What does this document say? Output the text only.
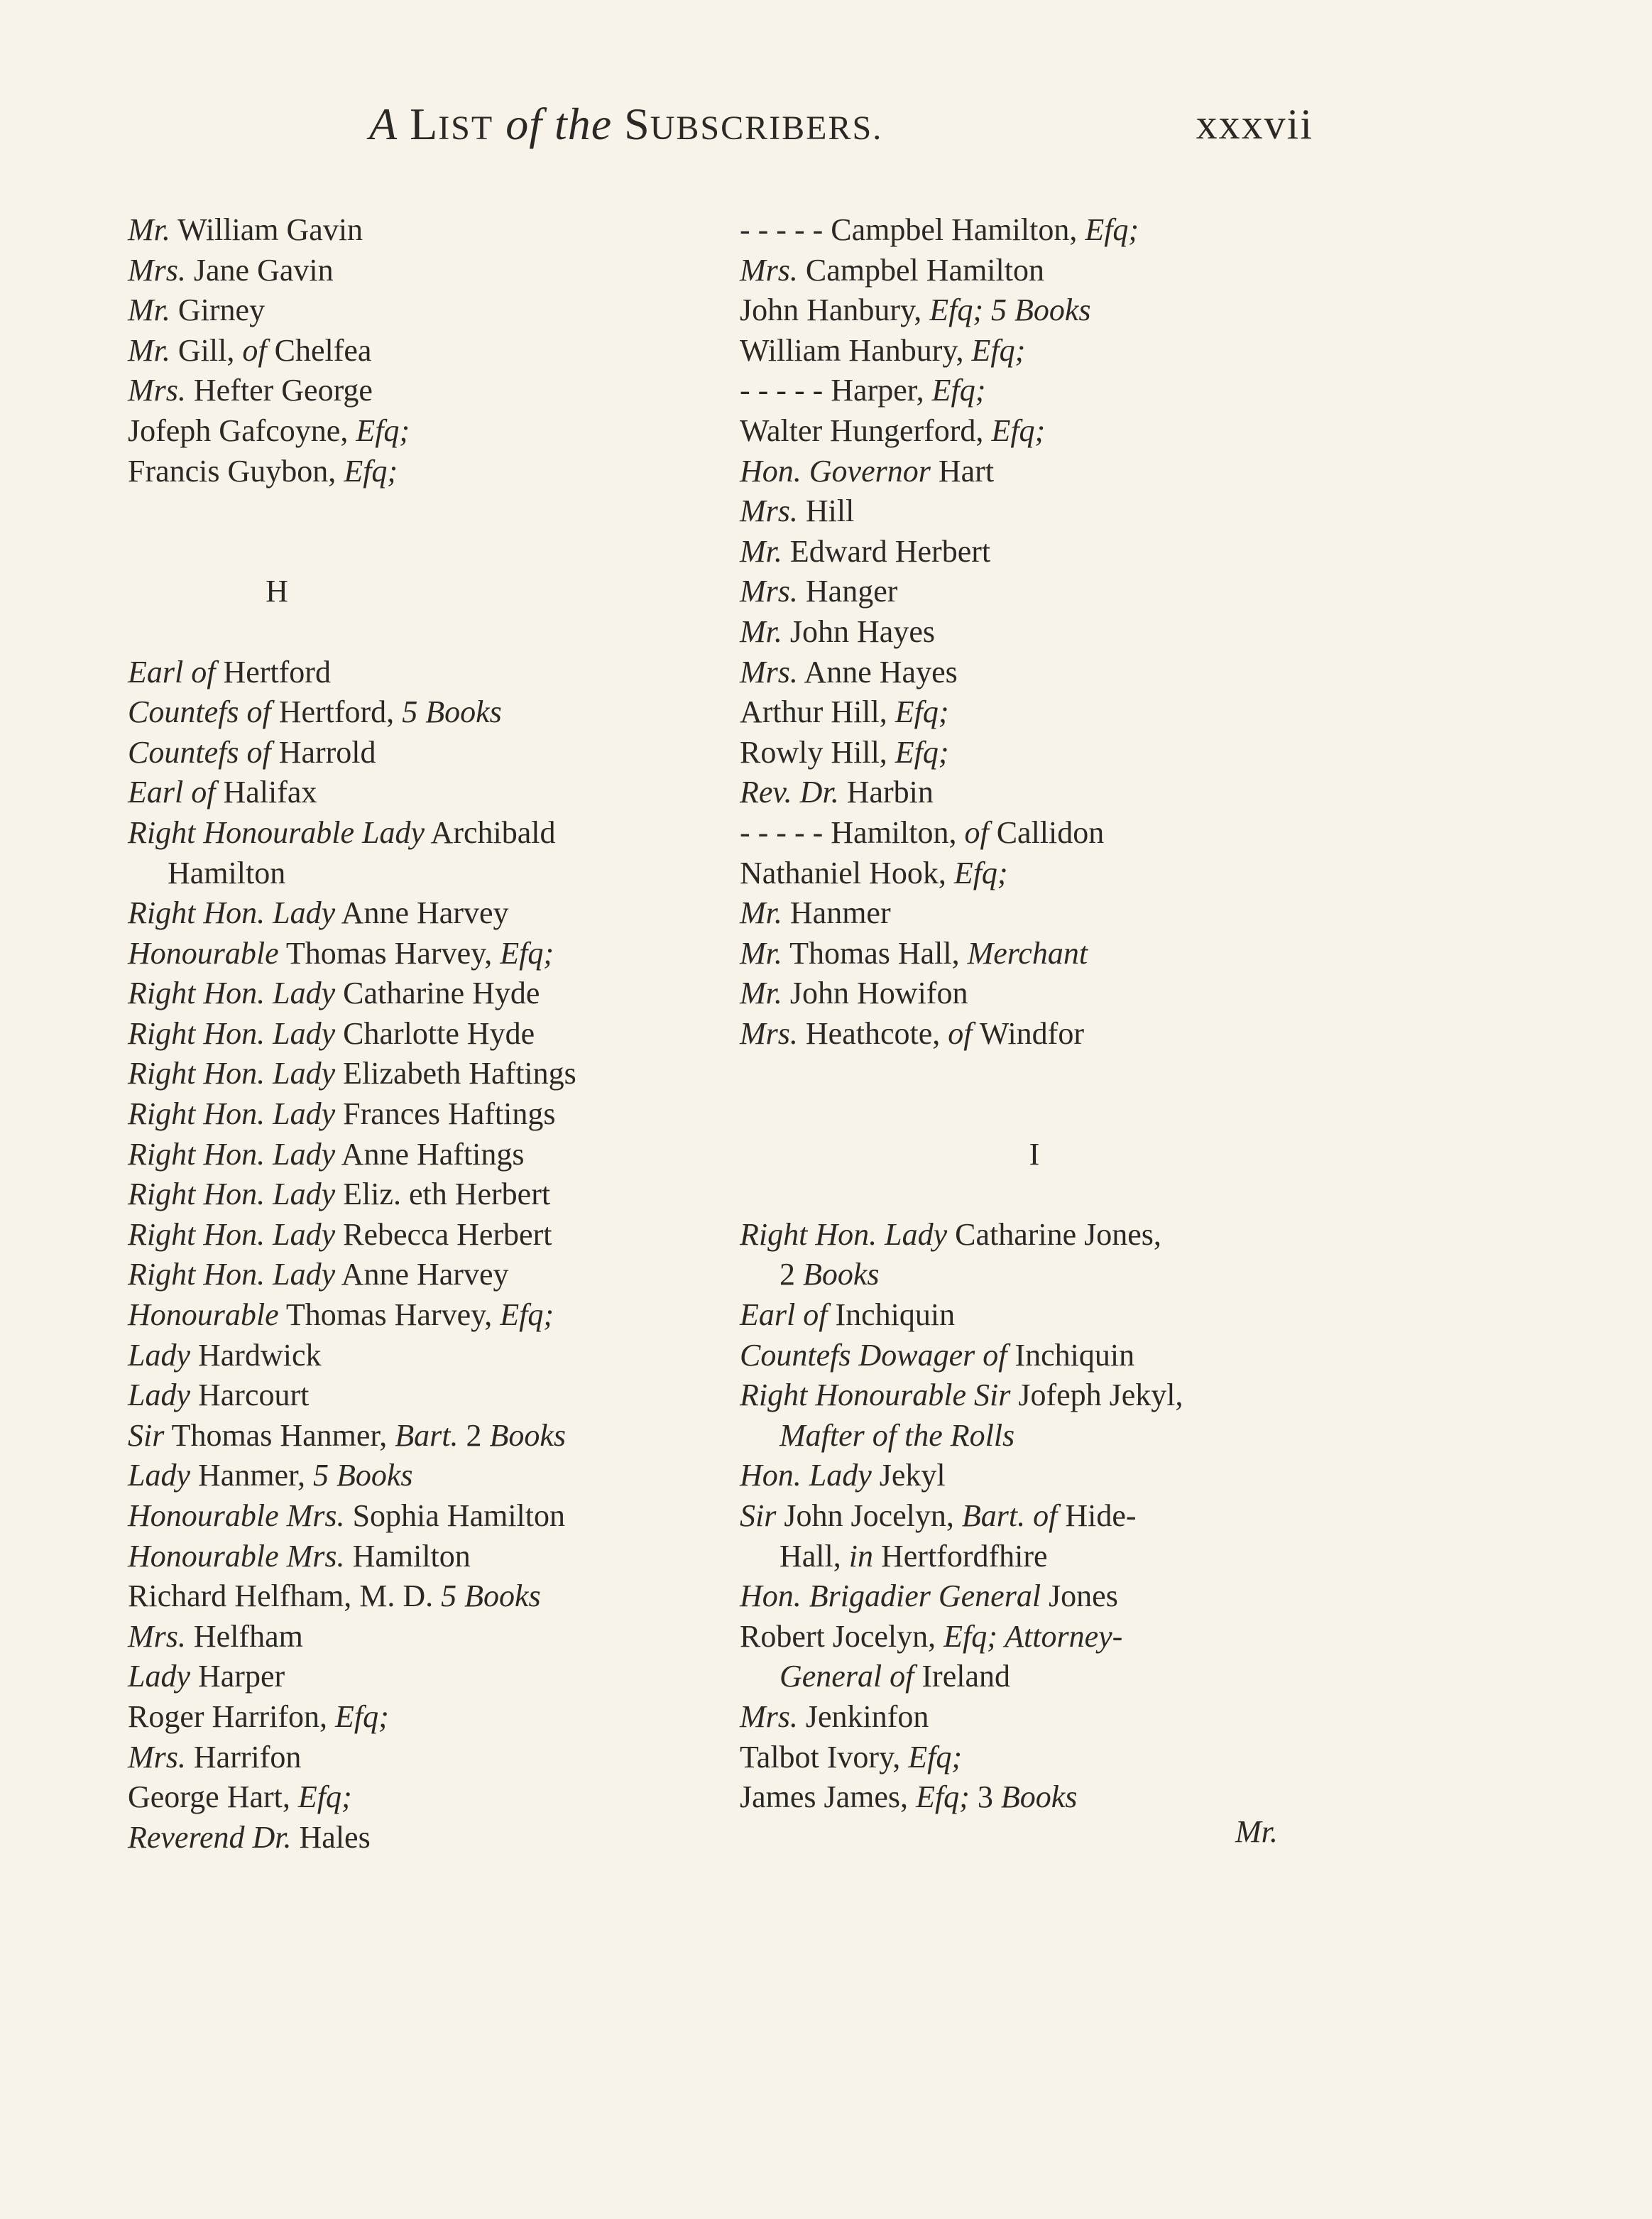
A LIST of the SUBSCRIBERS.	xxxvii
Mr. William Gavin
Mrs. Jane Gavin
Mr. Girney
Mr. Gill, of Chelfea
Mrs. Hefter George
Jofeph Gafcoyne, Efq;
Francis Guybon, Efq;
H
Earl of Hertford
Countefs of Hertford, 5 Books
Countefs of Harrold
Earl of Halifax
Right Honourable Lady Archibald
Hamilton
Right Hon. Lady Anne Harvey
Honourable Thomas Harvey, Efq;
Right Hon. Lady Catharine Hyde
Right Hon. Lady Charlotte Hyde
Right Hon. Lady Elizabeth Haftings
Right Hon. Lady Frances Haftings
Right Hon. Lady Anne Haftings
Right Hon. Lady Eliz. eth Herbert
Right Hon. Lady Rebecca Herbert
Right Hon. Lady Anne Harvey
Honourable Thomas Harvey, Efq;
Lady Hardwick
Lady Harcourt
Sir Thomas Hanmer, Bart. 2 Books
Lady Hanmer, 5 Books
Honourable Mrs. Sophia Hamilton
Honourable Mrs. Hamilton
Richard Helfham, M. D. 5 Books
Mrs. Helfham
Lady Harper
Roger Harrifon, Efq;
Mrs. Harrifon
George Hart, Efq;
Reverend Dr. Hales
- - - - - Campbel Hamilton, Efq;
Mrs. Campbel Hamilton
John Hanbury, Efq; 5 Books
William Hanbury, Efq;
- - - - - Harper, Efq;
Walter Hungerford, Efq;
Hon. Governor Hart
Mrs. Hill
Mr. Edward Herbert
Mrs. Hanger
Mr. John Hayes
Mrs. Anne Hayes
Arthur Hill, Efq;
Rowly Hill, Efq;
Rev. Dr. Harbin
- - - - - Hamilton, of Callidon
Nathaniel Hook, Efq;
Mr. Hanmer
Mr. Thomas Hall, Merchant
Mr. John Howifon
Mrs. Heathcote, of Windfor
I
Right Hon. Lady Catharine Jones,
2 Books
Earl of Inchiquin
Countefs Dowager of Inchiquin
Right Honourable Sir Jofeph Jekyl,
Mafter of the Rolls
Hon. Lady Jekyl
Sir John Jocelyn, Bart. of Hide-
Hall, in Hertfordfhire
Hon. Brigadier General Jones
Robert Jocelyn, Efq; Attorney-
General of Ireland
Mrs. Jenkinfon
Talbot Ivory, Efq;
James James, Efq; 3 Books
Mr.
